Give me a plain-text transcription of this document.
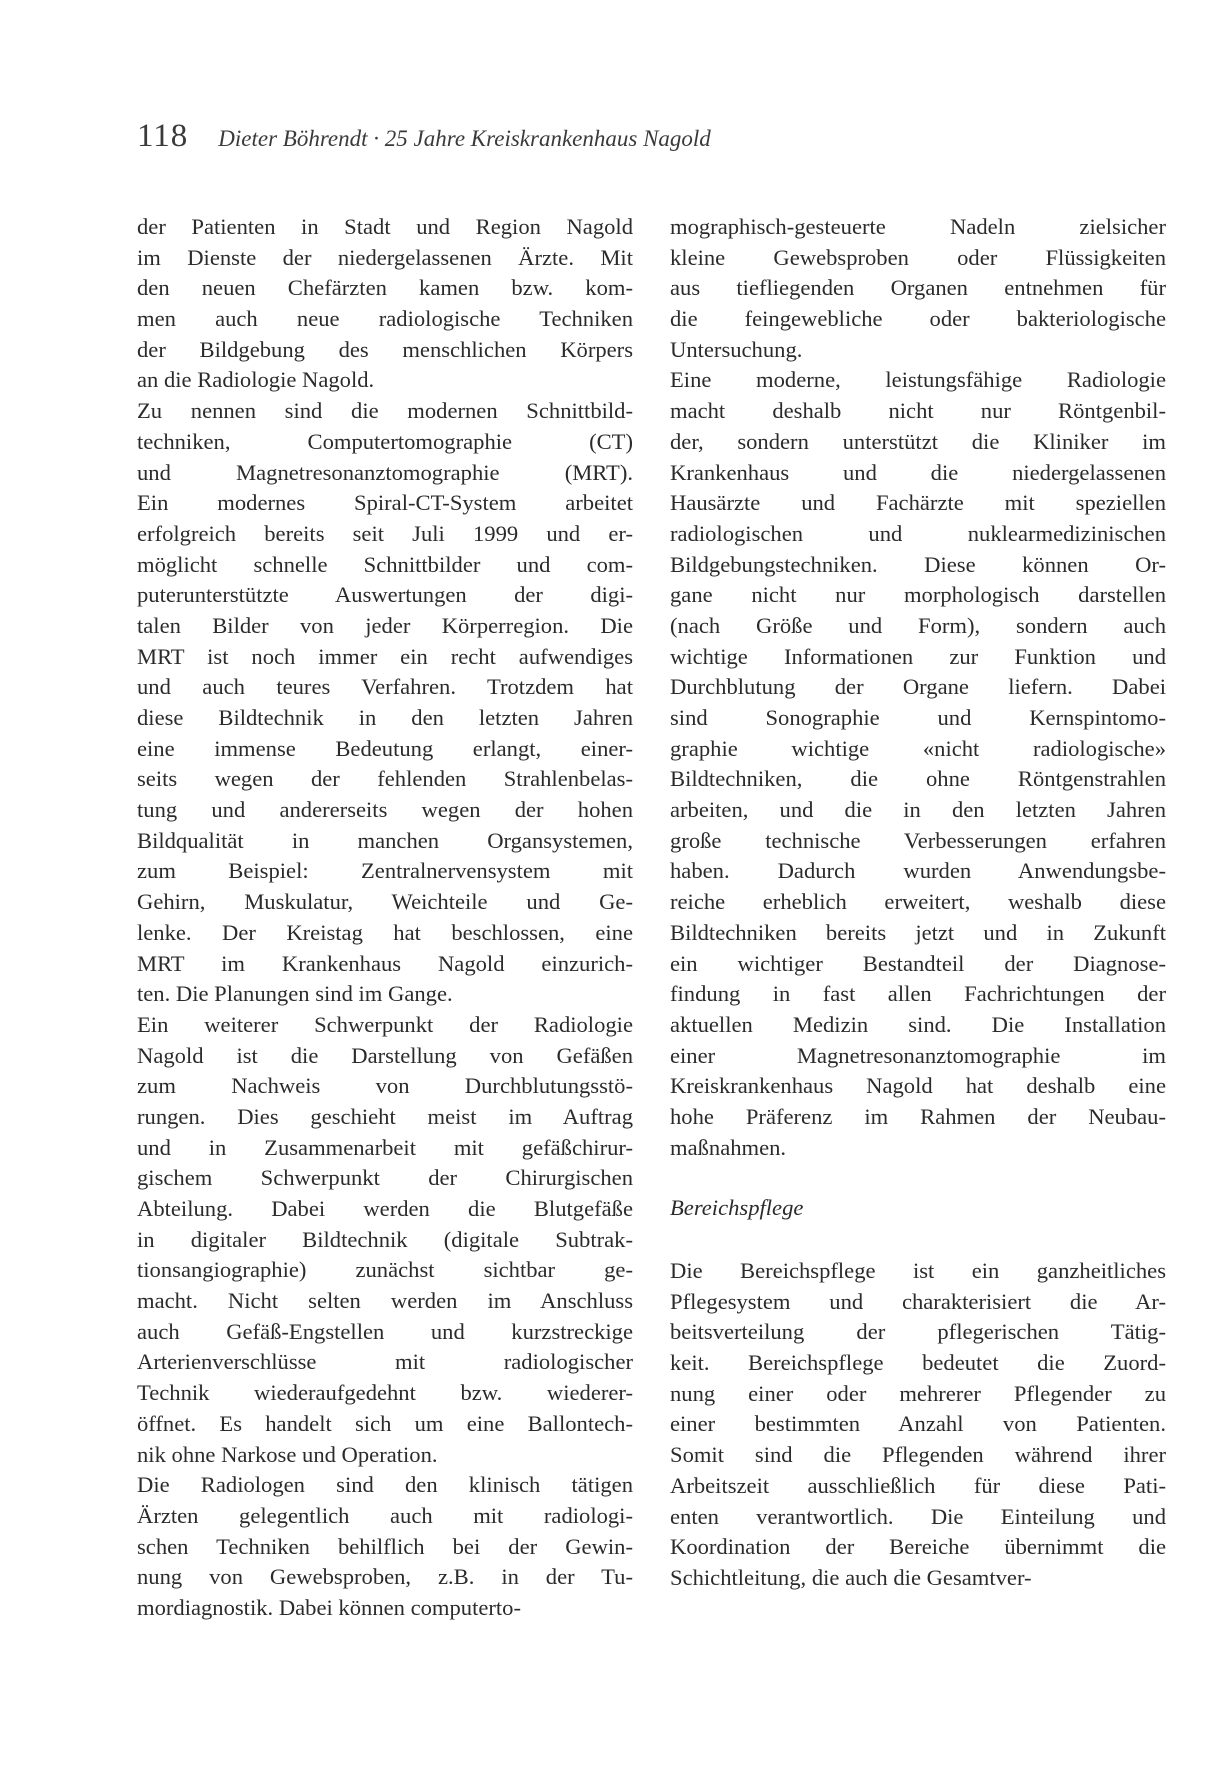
118 Dieter Böhrendt · 25 Jahre Kreiskrankenhaus Nagold
der Patienten in Stadt und Region Nagold
im Dienste der niedergelassenen Ärzte. Mit
den neuen Chefärzten kamen bzw. kom-
men auch neue radiologische Techniken
der Bildgebung des menschlichen Körpers
an die Radiologie Nagold.
Zu nennen sind die modernen Schnittbild-
techniken, Computertomographie (CT)
und Magnetresonanztomographie (MRT).
Ein modernes Spiral-CT-System arbeitet
erfolgreich bereits seit Juli 1999 und er-
möglicht schnelle Schnittbilder und com-
puterunterstützte Auswertungen der digi-
talen Bilder von jeder Körperregion. Die
MRT ist noch immer ein recht aufwendiges
und auch teures Verfahren. Trotzdem hat
diese Bildtechnik in den letzten Jahren
eine immense Bedeutung erlangt, einer-
seits wegen der fehlenden Strahlenbelas-
tung und andererseits wegen der hohen
Bildqualität in manchen Organsystemen,
zum Beispiel: Zentralnervensystem mit
Gehirn, Muskulatur, Weichteile und Ge-
lenke. Der Kreistag hat beschlossen, eine
MRT im Krankenhaus Nagold einzurich-
ten. Die Planungen sind im Gange.
Ein weiterer Schwerpunkt der Radiologie
Nagold ist die Darstellung von Gefäßen
zum Nachweis von Durchblutungsstö-
rungen. Dies geschieht meist im Auftrag
und in Zusammenarbeit mit gefäßchirur-
gischem Schwerpunkt der Chirurgischen
Abteilung. Dabei werden die Blutgefäße
in digitaler Bildtechnik (digitale Subtrak-
tionsangiographie) zunächst sichtbar ge-
macht. Nicht selten werden im Anschluss
auch Gefäß-Engstellen und kurzstreckige
Arterienverschlüsse mit radiologischer
Technik wiederaufgedehnt bzw. wiederer-
öffnet. Es handelt sich um eine Ballontech-
nik ohne Narkose und Operation.
Die Radiologen sind den klinisch tätigen
Ärzten gelegentlich auch mit radiologi-
schen Techniken behilflich bei der Gewin-
nung von Gewebsproben, z.B. in der Tu-
mordiagnostik. Dabei können computerto-
mographisch-gesteuerte Nadeln zielsicher
kleine Gewebsproben oder Flüssigkeiten
aus tiefliegenden Organen entnehmen für
die feingewebliche oder bakteriologische
Untersuchung.
Eine moderne, leistungsfähige Radiologie
macht deshalb nicht nur Röntgenbil-
der, sondern unterstützt die Kliniker im
Krankenhaus und die niedergelassenen
Hausärzte und Fachärzte mit speziellen
radiologischen und nuklearmedizinischen
Bildgebungstechniken. Diese können Or-
gane nicht nur morphologisch darstellen
(nach Größe und Form), sondern auch
wichtige Informationen zur Funktion und
Durchblutung der Organe liefern. Dabei
sind Sonographie und Kernspintomo-
graphie wichtige «nicht radiologische»
Bildtechniken, die ohne Röntgenstrahlen
arbeiten, und die in den letzten Jahren
große technische Verbesserungen erfahren
haben. Dadurch wurden Anwendungsbe-
reiche erheblich erweitert, weshalb diese
Bildtechniken bereits jetzt und in Zukunft
ein wichtiger Bestandteil der Diagnose-
findung in fast allen Fachrichtungen der
aktuellen Medizin sind. Die Installation
einer Magnetresonanztomographie im
Kreiskrankenhaus Nagold hat deshalb eine
hohe Präferenz im Rahmen der Neubau-
maßnahmen.
Bereichspflege
Die Bereichspflege ist ein ganzheitliches
Pflegesystem und charakterisiert die Ar-
beitsverteilung der pflegerischen Tätig-
keit. Bereichspflege bedeutet die Zuord-
nung einer oder mehrerer Pflegender zu
einer bestimmten Anzahl von Patienten.
Somit sind die Pflegenden während ihrer
Arbeitszeit ausschließlich für diese Pati-
enten verantwortlich. Die Einteilung und
Koordination der Bereiche übernimmt die
Schichtleitung, die auch die Gesamtver-
